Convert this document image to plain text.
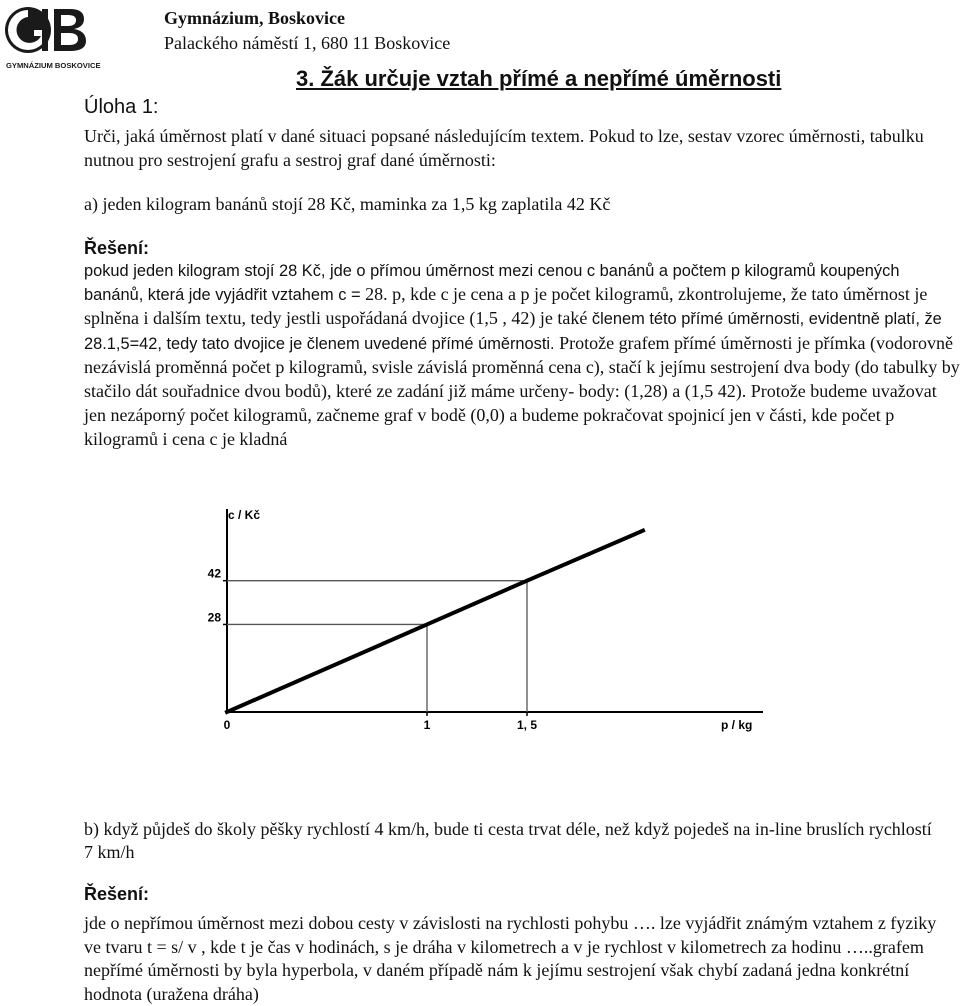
GYMNÁZIUM BOSKOVICE
Gymnázium, Boskovice
Palackého náměstí 1, 680 11 Boskovice
3. Žák určuje vztah přímé a nepřímé úměrnosti
Úloha 1:
Urči, jaká úměrnost platí v dané situaci popsané následujícím textem. Pokud to lze, sestav vzorec úměrnosti, tabulku nutnou pro sestrojení grafu a sestroj graf dané úměrnosti:
a) jeden kilogram banánů stojí 28 Kč, maminka za 1,5 kg zaplatila 42 Kč
Řešení:
pokud jeden kilogram stojí 28 Kč, jde o přímou úměrnost mezi cenou c banánů a počtem p kilogramů koupených banánů, která jde vyjádřit vztahem c = 28. p, kde c je cena a p je počet kilogramů, zkontrolujeme, že tato úměrnost je splněna i dalším textu, tedy jestli uspořádaná dvojice (1,5 , 42) je také členem této přímé úměrnosti, evidentně platí, že 28.1,5=42, tedy tato dvojice je členem uvedené přímé úměrnosti. Protože grafem přímé úměrnosti je přímka (vodorovně nezávislá proměnná počet p kilogramů, svisle závislá proměnná cena c), stačí k jejímu sestrojení dva body (do tabulky by stačilo dát souřadnice dvou bodů), které ze zadání již máme určeny- body: (1,28) a (1,5 42). Protože budeme uvažovat jen nezáporný počet kilogramů, začneme graf v bodě (0,0) a budeme pokračovat spojnicí jen v části, kde počet p kilogramů i cena c je kladná
42
28
0	1	1, 5
c / Kč
p / kg
b) když půjdeš do školy pěšky rychlostí 4 km/h, bude ti cesta trvat déle, než když pojedeš na in-line bruslích rychlostí 7 km/h
Řešení:
jde o nepřímou úměrnost mezi dobou cesty v závislosti na rychlosti pohybu …. lze vyjádřit známým vztahem z fyziky ve tvaru t = s/ v , kde t je čas v hodinách, s je dráha v kilometrech a v je rychlost v kilometrech za hodinu …..grafem nepřímé úměrnosti by byla hyperbola, v daném případě nám k jejímu sestrojení však chybí zadaná jedna konkrétní hodnota (uražena dráha)
